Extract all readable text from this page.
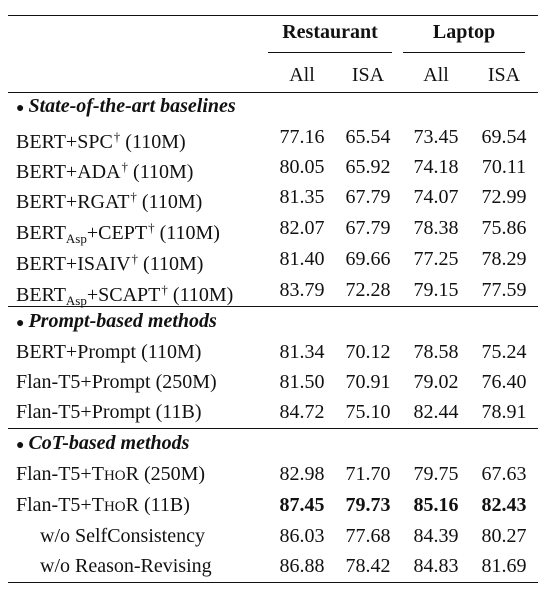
Restaurant	Laptop
All	ISA	All	ISA
● State-of-the-art baselines
BERT+SPC† (110M)	77.16	65.54	73.45	69.54
BERT+ADA† (110M)	80.05	65.92	74.18	70.11
BERT+RGAT† (110M)	81.35	67.79	74.07	72.99
$BERT_{Asp}+CEPT^\dagger$ (110M)	82.07	67.79	78.38	75.86
BERT+ISAIV† (110M)	81.40	69.66	77.25	78.29
$BERT_{Asp}+SCAPT^\dagger$ (110M)	83.79	72.28	79.15	77.59
● Prompt-based methods
BERT+Prompt (110M)	81.34	70.12	78.58	75.24
Flan-T5+Prompt (250M)	81.50	70.91	79.02	76.40
Flan-T5+Prompt (11B)	84.72	75.10	82.44	78.91
● CoT-based methods
Flan-T5+THOR (250M)	82.98	71.70	79.75	67.63
Flan-T5+THOR (11B)	87.45	79.73	85.16	82.43
w/o SelfConsistency	86.03	77.68	84.39	80.27
w/o Reason-Revising	86.88	78.42	84.83	81.69
